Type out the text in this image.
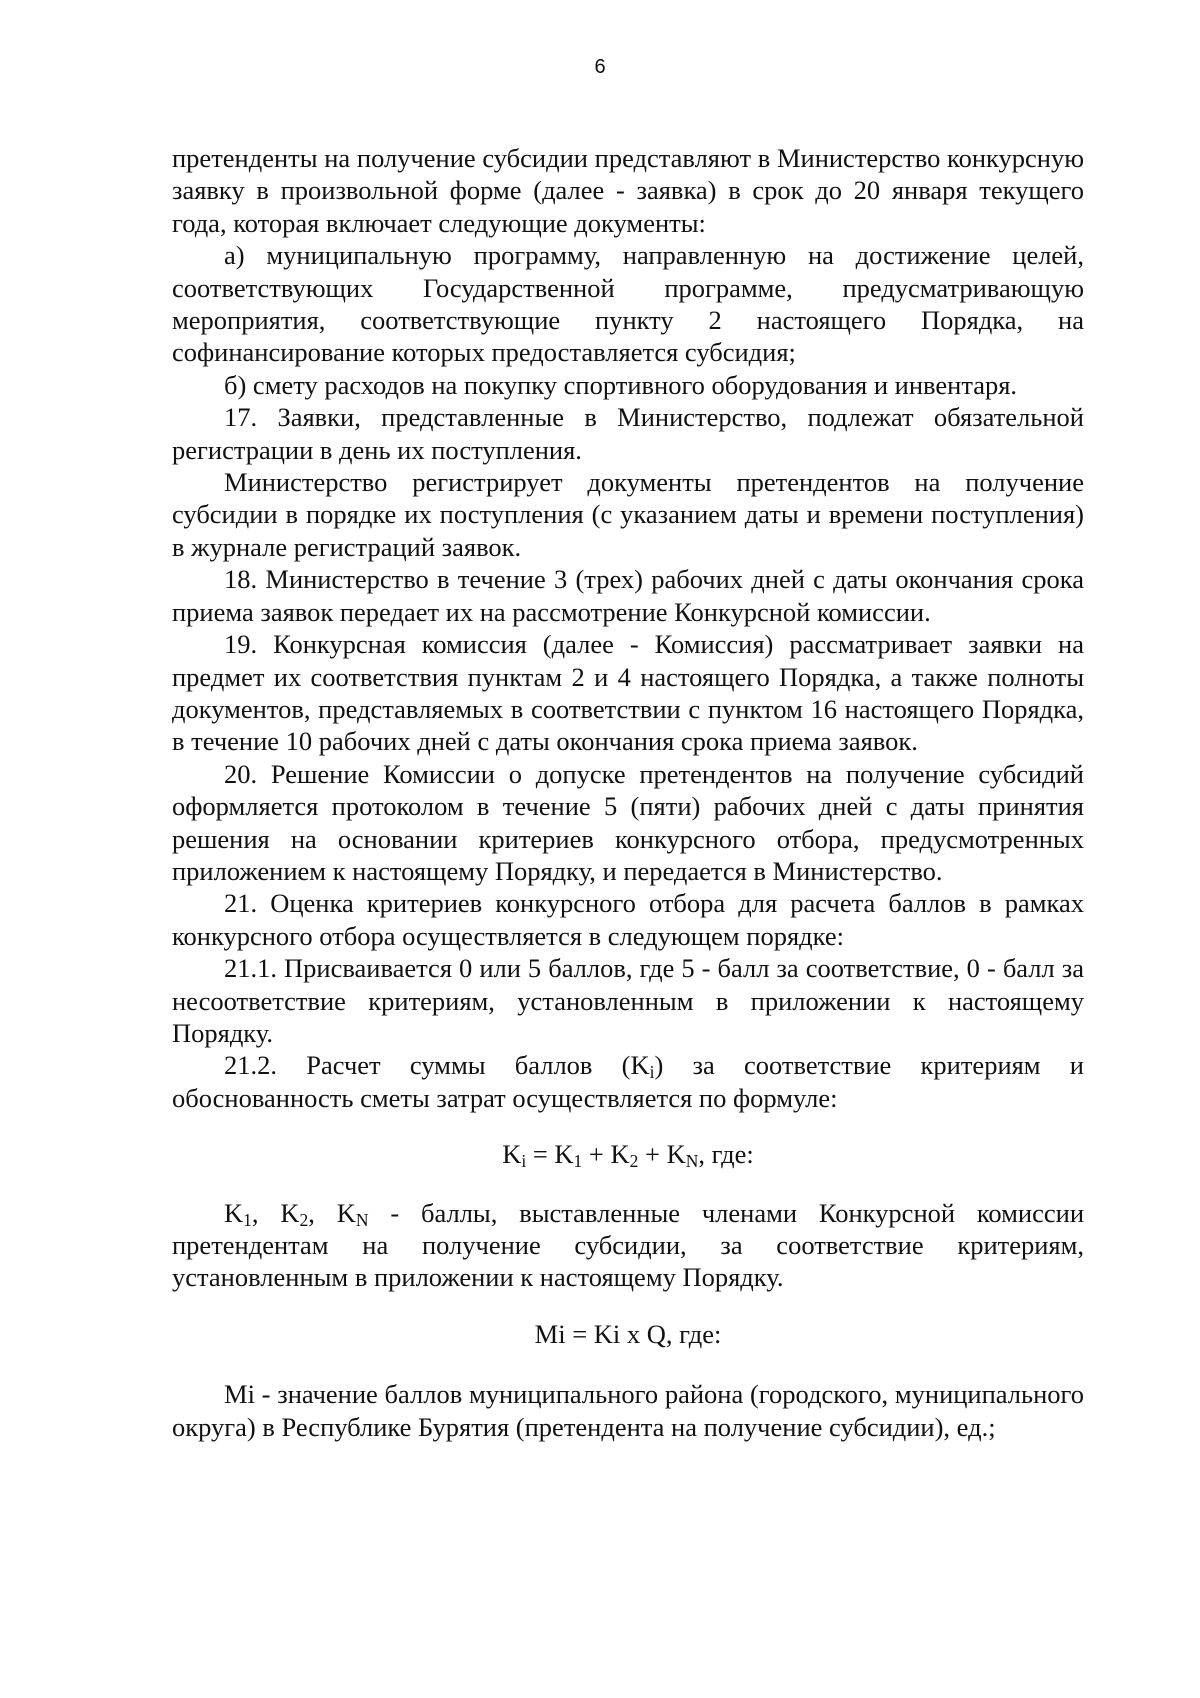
6

претенденты на получение субсидии представляют в Министерство конкурсную заявку в произвольной форме (далее - заявка) в срок до 20 января текущего года, которая включает следующие документы:

а) муниципальную программу, направленную на достижение целей, соответствующих Государственной программе, предусматривающую мероприятия, соответствующие пункту 2 настоящего Порядка, на софинансирование которых предоставляется субсидия;

б) смету расходов на покупку спортивного оборудования и инвентаря.

17. Заявки, представленные в Министерство, подлежат обязательной регистрации в день их поступления.

Министерство регистрирует документы претендентов на получение субсидии в порядке их поступления (с указанием даты и времени поступления) в журнале регистраций заявок.

18. Министерство в течение 3 (трех) рабочих дней с даты окончания срока приема заявок передает их на рассмотрение Конкурсной комиссии.

19. Конкурсная комиссия (далее - Комиссия) рассматривает заявки на предмет их соответствия пунктам 2 и 4 настоящего Порядка, а также полноты документов, представляемых в соответствии с пунктом 16 настоящего Порядка, в течение 10 рабочих дней с даты окончания срока приема заявок.

20. Решение Комиссии о допуске претендентов на получение субсидий оформляется протоколом в течение 5 (пяти) рабочих дней с даты принятия решения на основании критериев конкурсного отбора, предусмотренных приложением к настоящему Порядку, и передается в Министерство.

21. Оценка критериев конкурсного отбора для расчета баллов в рамках конкурсного отбора осуществляется в следующем порядке:

21.1. Присваивается 0 или 5 баллов, где 5 - балл за соответствие, 0 - балл за несоответствие критериям, установленным в приложении к настоящему Порядку.

21.2. Расчет суммы баллов $(K_i)$ за соответствие критериям и обоснованность сметы затрат осуществляется по формуле:

$K_i = K_1 + K_2 + K_N$, где:

$K_1$, $K_2$, $K_N$ - баллы, выставленные членами Конкурсной комиссии претендентам на получение субсидии, за соответствие критериям, установленным в приложении к настоящему Порядку.

Mi = Ki x Q, где:

Mi - значение баллов муниципального района (городского, муниципального округа) в Республике Бурятия (претендента на получение субсидии), ед.;
